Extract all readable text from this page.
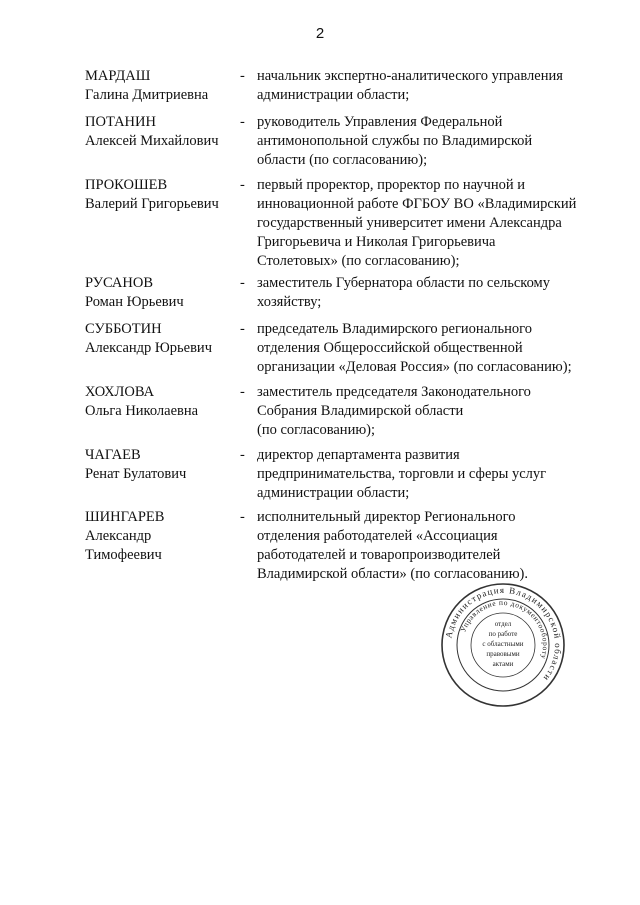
2
МАРДАШ
Галина Дмитриевна
- начальник экспертно-аналитического управления
администрации области;
ПОТАНИН
Алексей Михайлович
- руководитель Управления Федеральной
антимонопольной службы по Владимирской
области (по согласованию);
ПРОКОШЕВ
Валерий Григорьевич
- первый проректор, проректор по научной и
инновационной работе ФГБОУ ВО «Владимирский
государственный университет имени Александра
Григорьевича и Николая Григорьевича
Столетовых» (по согласованию);
РУСАНОВ
Роман Юрьевич
- заместитель Губернатора области по сельскому
хозяйству;
СУББОТИН
Александр Юрьевич
- председатель Владимирского регионального
отделения Общероссийской общественной
организации «Деловая Россия» (по согласованию);
ХОХЛОВА
Ольга Николаевна
- заместитель председателя Законодательного
Собрания Владимирской области
(по согласованию);
ЧАГАЕВ
Ренат Булатович
- директор департамента развития
предпринимательства, торговли и сферы услуг
администрации области;
ШИНГАРЕВ
Александр
Тимофеевич
- исполнительный директор Регионального
отделения работодателей «Ассоциация
работодателей и товаропроизводителей
Владимирской области» (по согласованию).
Администрация Владимирской области
Управление по документообороту
отдел
по работе
с областными
правовыми
актами
